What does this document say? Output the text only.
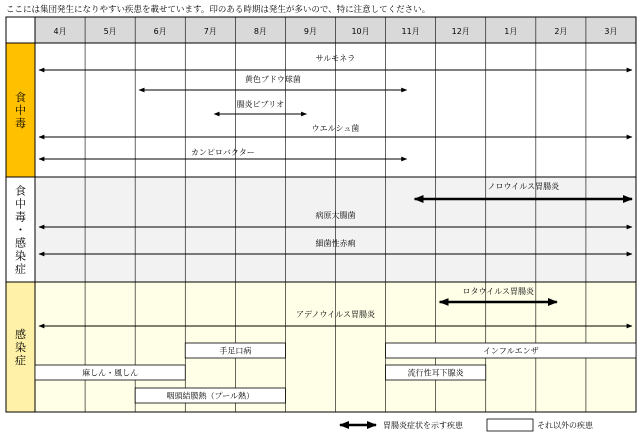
ここには集団発生になりやすい疾患を載せています。印のある時期は発生が多いので、特に注意してください。
食中毒
食中毒・感染症
感染症
4月	5月	6月	7月	8月	9月	10月	11月	12月	1月	2月	3月
サルモネラ
黄色ブドウ球菌
腸炎ビブリオ
ウエルシュ菌
カンピロバクター
ノロウイルス胃腸炎
病原大腸菌
細菌性赤痢
ロタウイルス胃腸炎
アデノウイルス胃腸炎
手足口病	インフルエンザ
麻しん・風しん	流行性耳下腺炎
咽頭結膜熱（プール熱）
胃腸炎症状を示す疾患	それ以外の疾患
